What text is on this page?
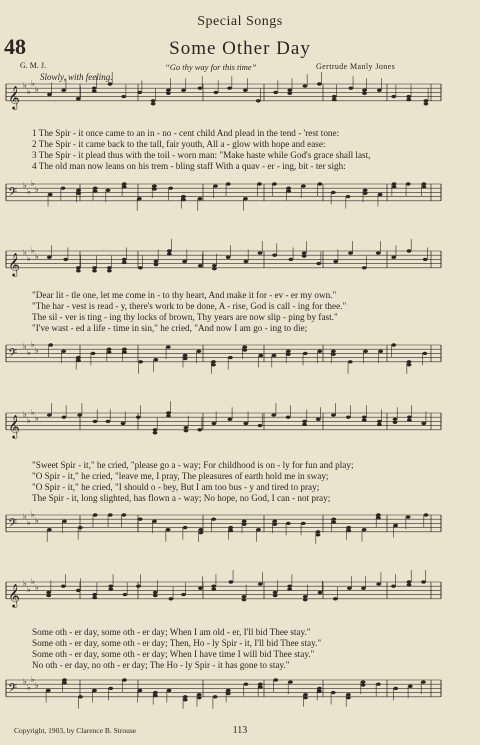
Special Songs
48	Some Other Day
G. M. J.	“Go thy way for this time”	Gertrude Manly Jones
Slowly, with feeling.
𝄞 ♭
♭
♭
♭
𝄢
♭
♭
♭
♭
𝄞 ♭
♭
♭
♭
𝄢
♭
♭
♭
♭
𝄞 ♭
♭
♭
♭
𝄢
♭
♭
♭
♭
𝄞 ♭
♭
♭
♭
𝄢
♭
♭
♭
♭
1 The Spir - it once came to an in - no - cent child And plead in the tend - 'rest tone:
2 The Spir - it came back to the tall, fair youth, All a - glow with hope and ease:
3 The Spir - it plead thus with the toil - worn man: "Make haste while God's grace shall last,
4 The old man now leans on his trem - bling staff With a quav - er - ing, bit - ter sigh:
"Dear lit - tle one, let me come in - to thy heart, And make it for - ev - er my own."
"The har - vest is read - y, there's work to be done, A - rise, God is call - ing for thee."
The sil - ver is ting - ing thy locks of brown, Thy years are now slip - ping by fast."
"I've wast - ed a life - time in sin," he cried, "And now I am go - ing to die;
"Sweet Spir - it," he cried, "please go a - way; For childhood is on - ly for fun and play;
"O Spir - it," he cried, "leave me, I pray, The pleasures of earth hold me in sway;
"O Spir - it," he cried, "I should o - bey, But I am too bus - y and tired to pray;
The Spir - it, long slighted, has flown a - way; No hope, no God, I can - not pray;
Some oth - er day, some oth - er day; When I am old - er, I'll bid Thee stay."
Some oth - er day, some oth - er day; Then, Ho - ly Spir - it, I'll bid Thee stay."
Some oth - er day, some oth - er day; When I have time I will bid Thee stay."
No oth - er day, no oth - er day; The Ho - ly Spir - it has gone to stay."
Copyright, 1903, by Clarence B. Strouse	113
